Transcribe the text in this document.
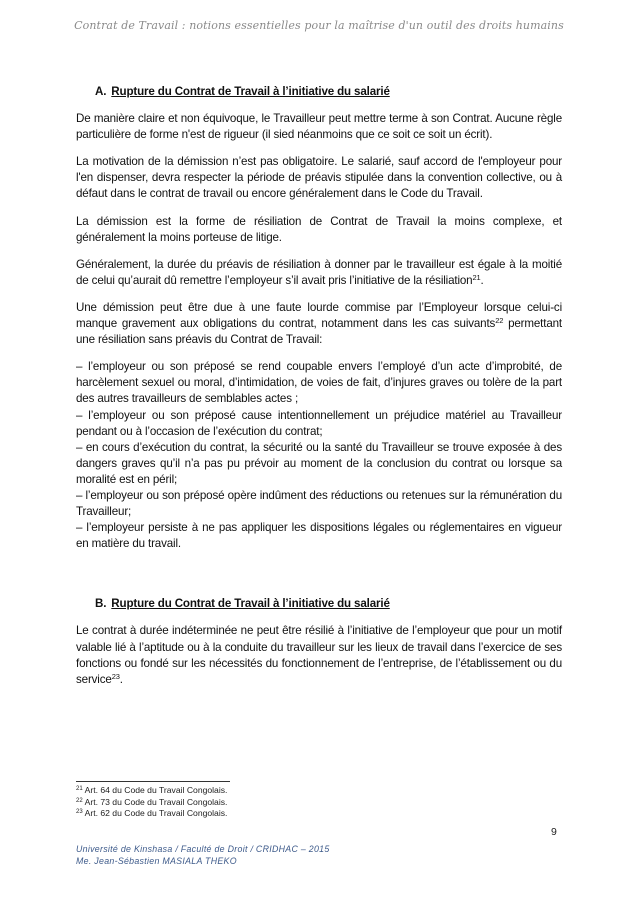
Contrat de Travail : notions essentielles pour la maîtrise d'un outil des droits humains
A. Rupture du Contrat de Travail à l’initiative du salarié

De manière claire et non équivoque, le Travailleur peut mettre terme à son Contrat. Aucune règle particulière de forme n'est de rigueur (il sied néanmoins que ce soit ce soit un écrit).

La motivation de la démission n’est pas obligatoire. Le salarié, sauf accord de l'employeur pour l'en dispenser, devra respecter la période de préavis stipulée dans la convention collective, ou à défaut dans le contrat de travail ou encore généralement dans le Code du Travail.

La démission est la forme de résiliation de Contrat de Travail la moins complexe, et généralement la moins porteuse de litige.

Généralement, la durée du préavis de résiliation à donner par le travailleur est égale à la moitié de celui qu’aurait dû remettre l’employeur s’il avait pris l’initiative de la résiliation$^{21}$.

Une démission peut être due à une faute lourde commise par l’Employeur lorsque celui-ci manque gravement aux obligations du contrat, notamment dans les cas suivants$^{22}$ permettant une résiliation sans préavis du Contrat de Travail:

– l’employeur ou son préposé se rend coupable envers l’employé d’un acte d’improbité, de harcèlement sexuel ou moral, d’intimidation, de voies de fait, d’injures graves ou tolère de la part des autres travailleurs de semblables actes ;
– l’employeur ou son préposé cause intentionnellement un préjudice matériel au Travailleur pendant ou à l’occasion de l’exécution du contrat;
– en cours d’exécution du contrat, la sécurité ou la santé du Travailleur se trouve exposée à des dangers graves qu’il n’a pas pu prévoir au moment de la conclusion du contrat ou lorsque sa moralité est en péril;
– l’employeur ou son préposé opère indûment des réductions ou retenues sur la rémunération du Travailleur;
– l’employeur persiste à ne pas appliquer les dispositions légales ou réglementaires en vigueur en matière du travail.
B. Rupture du Contrat de Travail à l’initiative du salarié

Le contrat à durée indéterminée ne peut être résilié à l’initiative de l’employeur que pour un motif valable lié à l’aptitude ou à la conduite du travailleur sur les lieux de travail dans l’exercice de ses fonctions ou fondé sur les nécessités du fonctionnement de l’entreprise, de l’établissement ou du service$^{23}$.

$^{21}$ Art. 64 du Code du Travail Congolais.
$^{22}$ Art. 73 du Code du Travail Congolais.
$^{23}$ Art. 62 du Code du Travail Congolais.
9
Université de Kinshasa / Faculté de Droit / CRIDHAC – 2015
Me. Jean-Sébastien MASIALA THEKO
